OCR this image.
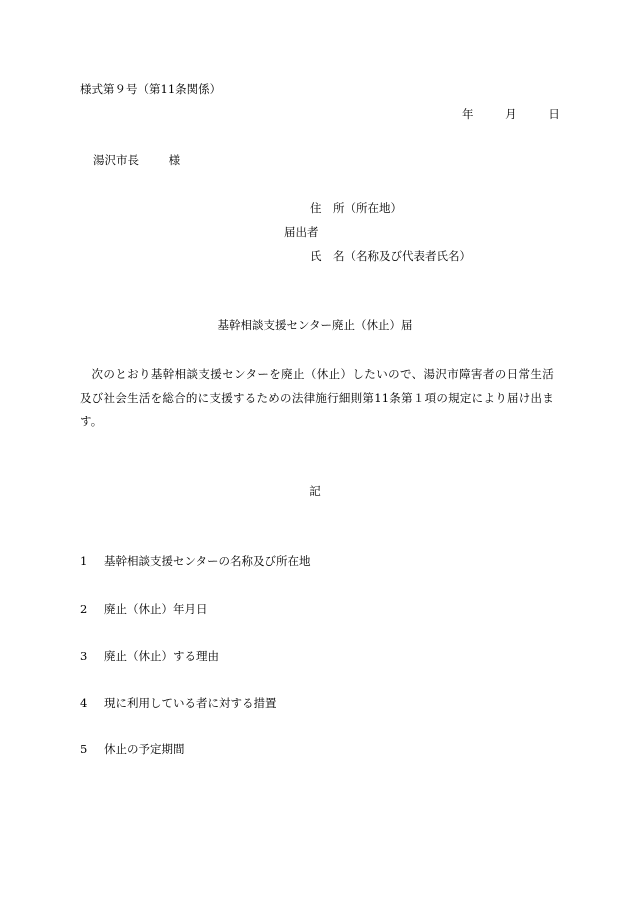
様式第９号（第11条関係）
年	月	日
湯沢市長	様
住　所（所在地）
届出者
氏　名（名称及び代表者氏名）
基幹相談支援センター廃止（休止）届
次のとおり基幹相談支援センターを廃止（休止）したいので、湯沢市障害者の日常生活及び社会生活を総合的に支援するための法律施行細則第11条第１項の規定により届け出ます。
記
1 基幹相談支援センターの名称及び所在地
2 廃止（休止）年月日
3 廃止（休止）する理由
4 現に利用している者に対する措置
5 休止の予定期間
